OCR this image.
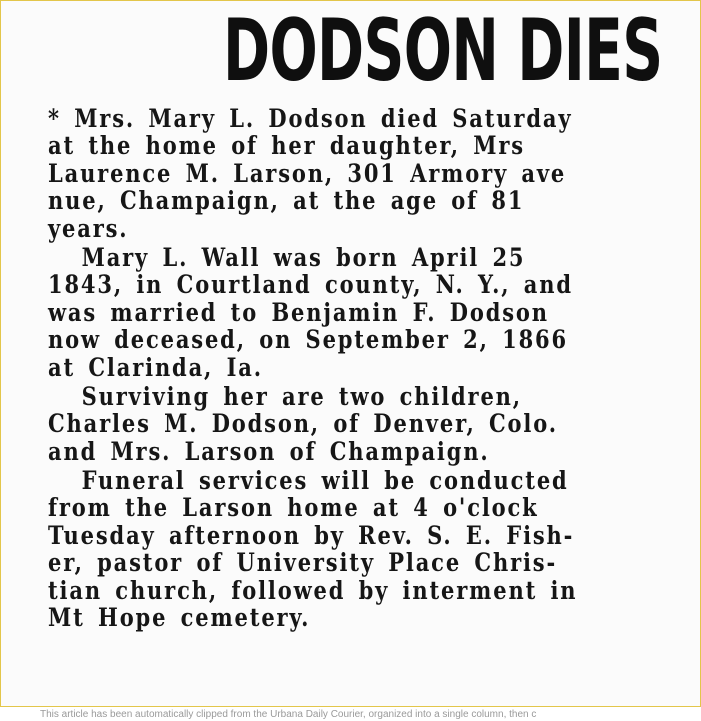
DODSON DIES

* Mrs. Mary L. Dodson died Saturday

at the home of her daughter, Mrs

Laurence M. Larson, 301 Armory ave

nue, Champaign, at the age of 81

years.

Mary L. Wall was born April 25

1843, in Courtland county, N. Y., and

was married to Benjamin F. Dodson

now deceased, on September 2, 1866

at Clarinda, Ia.

Surviving her are two children,

Charles M. Dodson, of Denver, Colo.

and Mrs. Larson of Champaign.

Funeral services will be conducted

from the Larson home at 4 o'clock

Tuesday afternoon by Rev. S. E. Fish-

er, pastor of University Place Chris-

tian church, followed by interment in

Mt Hope cemetery.

This article has been automatically clipped from the Urbana Daily Courier, organized into a single column, then c
